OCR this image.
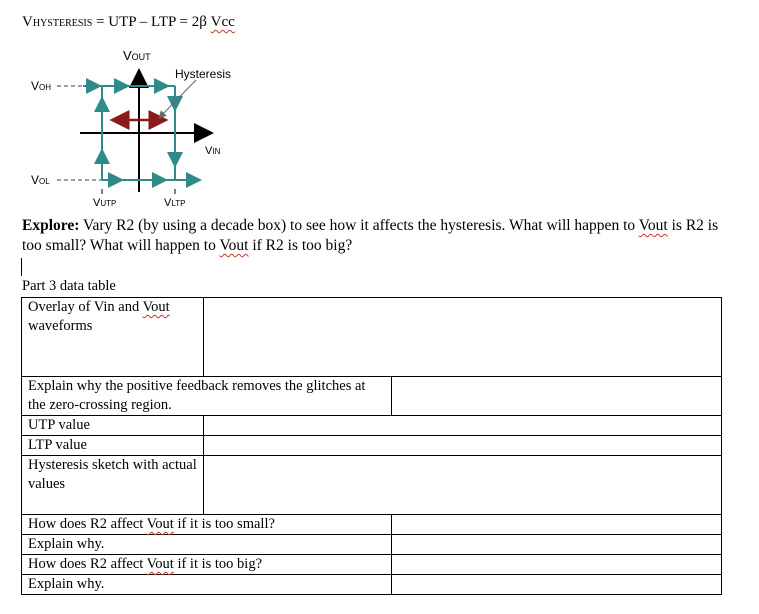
VHYSTERESIS = UTP – LTP = 2β Vcc
VOUT
Hysteresis
VOH
VOL
VIN
VUTP	VLTP
Explore: Vary R2 (by using a decade box) to see how it affects the hysteresis. What will happen to Vout is R2 is too small? What will happen to Vout if R2 is too big?
Part 3 data table
Overlay of Vin and Vout
waveforms		
Explain why the positive feedback removes the glitches at the zero-crossing region.		
UTP value		
LTP value		
Hysteresis sketch with actual values		
How does R2 affect Vout if it is too small?		
Explain why.		
How does R2 affect Vout if it is too big?		
Explain why.		
